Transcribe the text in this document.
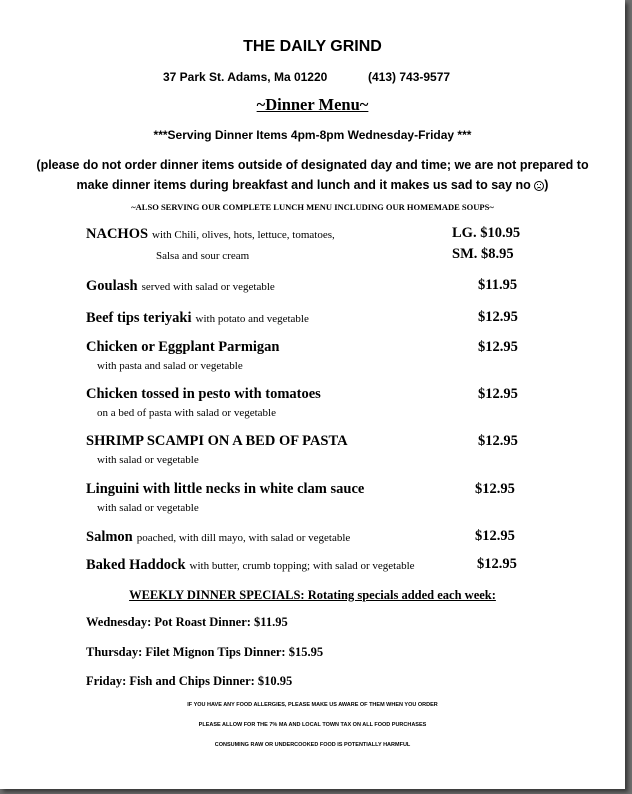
THE DAILY GRIND
37 Park St. Adams, Ma 01220	(413) 743-9577
~Dinner Menu~
***Serving Dinner Items 4pm-8pm Wednesday-Friday ***
(please do not order dinner items outside of designated day and time; we are not prepared to
make dinner items during breakfast and lunch and it makes us sad to say no )
~ALSO SERVING OUR COMPLETE LUNCH MENU INCLUDING OUR HOMEMADE SOUPS~
NACHOS with Chili, olives, hots, lettuce, tomatoes,
Salsa and sour cream
LG. $10.95
SM. $8.95
Goulash served with salad or vegetable	$11.95
Beef tips teriyaki with potato and vegetable	$12.95
Chicken or Eggplant Parmigan
with pasta and salad or vegetable
$12.95
Chicken tossed in pesto with tomatoes
on a bed of pasta with salad or vegetable
$12.95
SHRIMP SCAMPI ON A BED OF PASTA
with salad or vegetable
$12.95
Linguini with little necks in white clam sauce
with salad or vegetable
$12.95
Salmon poached, with dill mayo, with salad or vegetable	$12.95
Baked Haddock with butter, crumb topping; with salad or vegetable	$12.95
WEEKLY DINNER SPECIALS: Rotating specials added each week:
Wednesday: Pot Roast Dinner: $11.95
Thursday: Filet Mignon Tips Dinner: $15.95
Friday: Fish and Chips Dinner: $10.95
IF YOU HAVE ANY FOOD ALLERGIES, PLEASE MAKE US AWARE OF THEM WHEN YOU ORDER
PLEASE ALLOW FOR THE 7% MA AND LOCAL TOWN TAX ON ALL FOOD PURCHASES
CONSUMING RAW OR UNDERCOOKED FOOD IS POTENTIALLY HARMFUL
